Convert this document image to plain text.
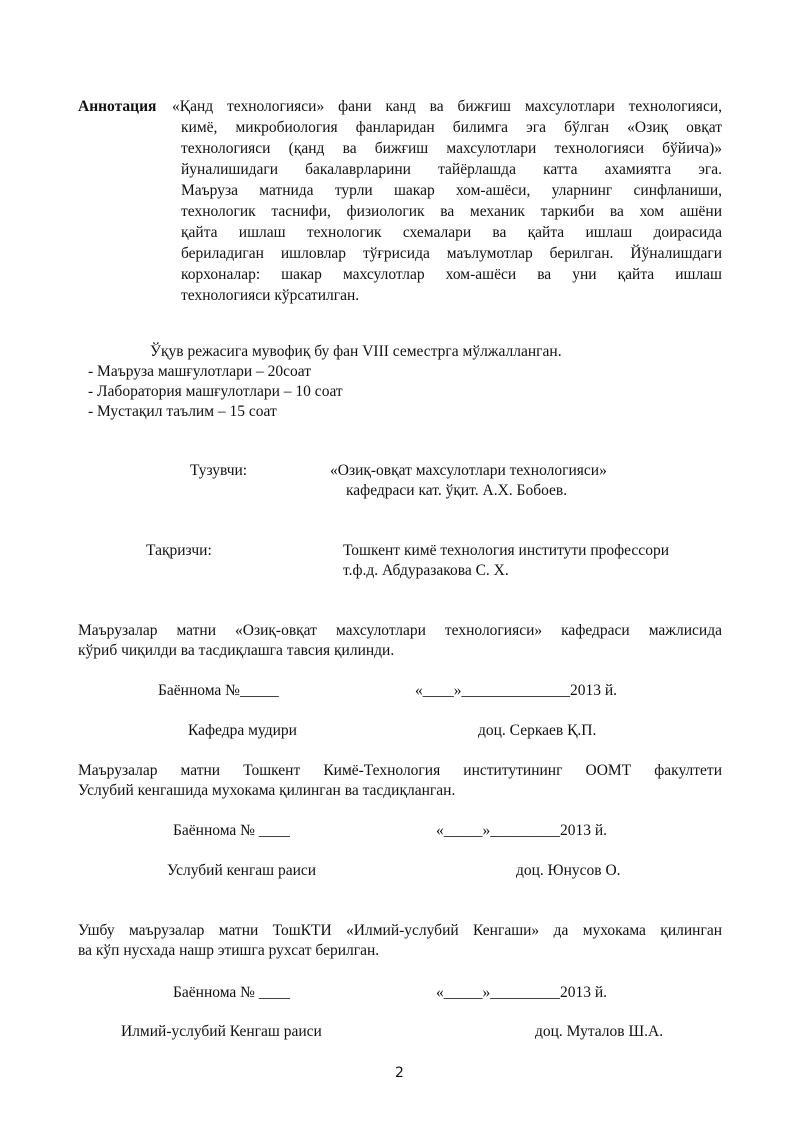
Аннотация «Қанд технологияси» фани канд ва бижғиш махсулотлари технологияси,
кимё, микробиология фанларидан билимга эга бўлган «Озиқ овқат
технологияси (қанд ва бижғиш махсулотлари технологияси бўйича)»
йуналишидаги бакалаврларини тайёрлашда катта ахамиятга эга.
Маъруза матнида турли шакар хом-ашёси, уларнинг синфланиши,
технологик таснифи, физиологик ва механик таркиби ва хом ашёни
қайта ишлаш технологик схемалари ва қайта ишлаш доирасида
бериладиган ишловлар тўғрисида маълумотлар берилган. Йўналишдаги
корхоналар: шакар махсулотлар хом-ашёси ва уни қайта ишлаш
технологияси кўрсатилган.
Ўқув режасига мувофиқ бу фан VIII семестрга мўлжалланган.
- Маъруза машғулотлари – 20соат
- Лаборатория машғулотлари – 10 соат
- Мустақил таълим – 15 соат
Тузувчи:	«Озиқ-овқат махсулотлари технологияси»
кафедраси кат. ўқит. А.Х. Бобоев.
Тақризчи:	Тошкент кимё технология институти профессори
т.ф.д. Абдуразакова С. Х.
Маърузалар матни «Озиқ-овқат махсулотлари технологияси» кафедраси мажлисида
кўриб чиқилди ва тасдиқлашга тавсия қилинди.
Баённома №_____	«____»______________2013 й.
Кафедра мудири	доц. Серкаев Қ.П.
Маърузалар матни Тошкент Кимё-Технология институтининг ООМТ факултети
Услубий кенгашида мухокама қилинган ва тасдиқланган.
Баённома № ____	«_____»_________2013 й.
Услубий кенгаш раиси	доц. Юнусов О.
Ушбу маърузалар матни ТошКТИ «Илмий-услубий Кенгаши» да мухокама қилинган
ва кўп нусхада нашр этишга рухсат берилган.
Баённома № ____	«_____»_________2013 й.
Илмий-услубий Кенгаш раиси	доц. Муталов Ш.А.
2
